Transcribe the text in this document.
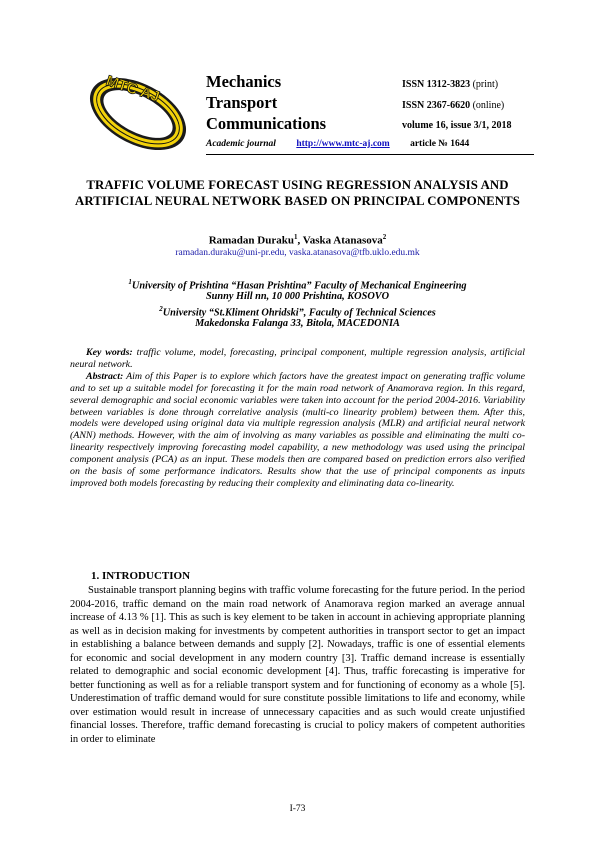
MTC AJ	Mechanics
Transport
Communications
ISSN 1312-3823 (print)
ISSN 2367-6620 (online)
volume 16, issue 3/1, 2018
Academic journal http://www.mtc-aj.com article № 1644
TRAFFIC VOLUME FORECAST USING REGRESSION ANALYSIS AND ARTIFICIAL NEURAL NETWORK BASED ON PRINCIPAL COMPONENTS
Ramadan Duraku$^1$, Vaska Atanasova$^2$
ramadan.duraku@uni-pr.edu, vaska.atanasova@tfb.uklo.edu.mk
$^1$University of Prishtina “Hasan Prishtina” Faculty of Mechanical Engineering
Sunny Hill nn, 10 000 Prishtina, KOSOVO
$^2$University “St.Kliment Ohridski”, Faculty of Technical Sciences
Makedonska Falanga 33, Bitola, MACEDONIA

Key words: traffic volume, model, forecasting, principal component, multiple regression analysis, artificial neural network.

Abstract: Aim of this Paper is to explore which factors have the greatest impact on generating traffic volume and to set up a suitable model for forecasting it for the main road network of Anamorava region. In this regard, several demographic and social economic variables were taken into account for the period 2004-2016. Variability between variables is done through correlative analysis (multi-co linearity problem) between them. After this, models were developed using original data via multiple regression analysis (MLR) and artificial neural network (ANN) methods. However, with the aim of involving as many variables as possible and eliminating the multi co-linearity respectively improving forecasting model capability, a new methodology was used using the principal component analysis (PCA) as an input. These models then are compared based on prediction errors also verified on the basis of some performance indicators. Results show that the use of principal components as inputs improved both models forecasting by reducing their complexity and eliminating data co-linearity.

1. INTRODUCTION

Sustainable transport planning begins with traffic volume forecasting for the future period. In the period 2004-2016, traffic demand on the main road network of Anamorava region marked an average annual increase of 4.13 % [1]. This as such is key element to be taken in account in achieving appropriate planning as well as in decision making for investments by competent authorities in transport sector to get an impact in establishing a balance between demands and supply [2]. Nowadays, traffic is one of essential elements for economic and social development in any modern country [3]. Traffic demand increase is essentially related to demographic and social economic development [4]. Thus, traffic forecasting is imperative for better functioning as well as for a reliable transport system and for functioning of economy as a whole [5]. Underestimation of traffic demand would for sure constitute possible limitations to life and economy, while over estimation would result in increase of unnecessary capacities and as such would create unjustified financial losses. Therefore, traffic demand forecasting is crucial to policy makers of competent authorities in order to eliminate

I-73
